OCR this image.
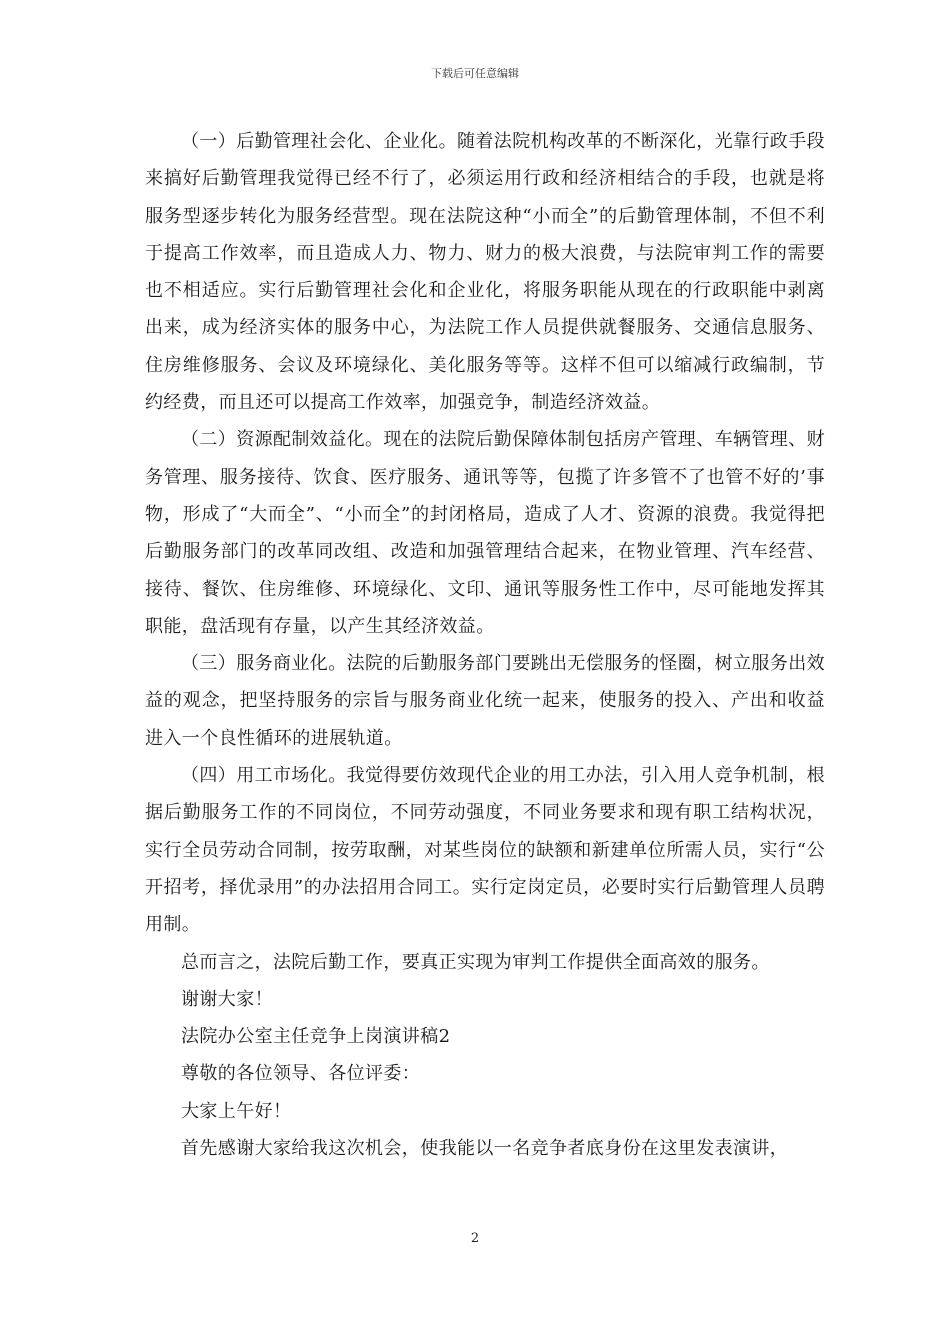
下载后可任意编辑

（一）后勤管理社会化、企业化。随着法院机构改革的不断深化，光靠行政手段来搞好后勤管理我觉得已经不行了，必须运用行政和经济相结合的手段，也就是将服务型逐步转化为服务经营型。现在法院这种“小而全”的后勤管理体制，不但不利于提高工作效率，而且造成人力、物力、财力的极大浪费，与法院审判工作的需要也不相适应。实行后勤管理社会化和企业化，将服务职能从现在的行政职能中剥离出来，成为经济实体的服务中心，为法院工作人员提供就餐服务、交通信息服务、住房维修服务、会议及环境绿化、美化服务等等。这样不但可以缩减行政编制，节约经费，而且还可以提高工作效率，加强竞争，制造经济效益。

（二）资源配制效益化。现在的法院后勤保障体制包括房产管理、车辆管理、财务管理、服务接待、饮食、医疗服务、通讯等等，包揽了许多管不了也管不好的’事物，形成了“大而全”、“小而全”的封闭格局，造成了人才、资源的浪费。我觉得把后勤服务部门的改革同改组、改造和加强管理结合起来，在物业管理、汽车经营、接待、餐饮、住房维修、环境绿化、文印、通讯等服务性工作中，尽可能地发挥其职能，盘活现有存量，以产生其经济效益。

（三）服务商业化。法院的后勤服务部门要跳出无偿服务的怪圈，树立服务出效益的观念，把坚持服务的宗旨与服务商业化统一起来，使服务的投入、产出和收益进入一个良性循环的进展轨道。

（四）用工市场化。我觉得要仿效现代企业的用工办法，引入用人竞争机制，根据后勤服务工作的不同岗位，不同劳动强度，不同业务要求和现有职工结构状况，实行全员劳动合同制，按劳取酬，对某些岗位的缺额和新建单位所需人员，实行“公开招考，择优录用”的办法招用合同工。实行定岗定员，必要时实行后勤管理人员聘用制。

总而言之，法院后勤工作，要真正实现为审判工作提供全面高效的服务。

谢谢大家！

法院办公室主任竞争上岗演讲稿2

尊敬的各位领导、各位评委：

大家上午好！

首先感谢大家给我这次机会，使我能以一名竞争者底身份在这里发表演讲，

2
